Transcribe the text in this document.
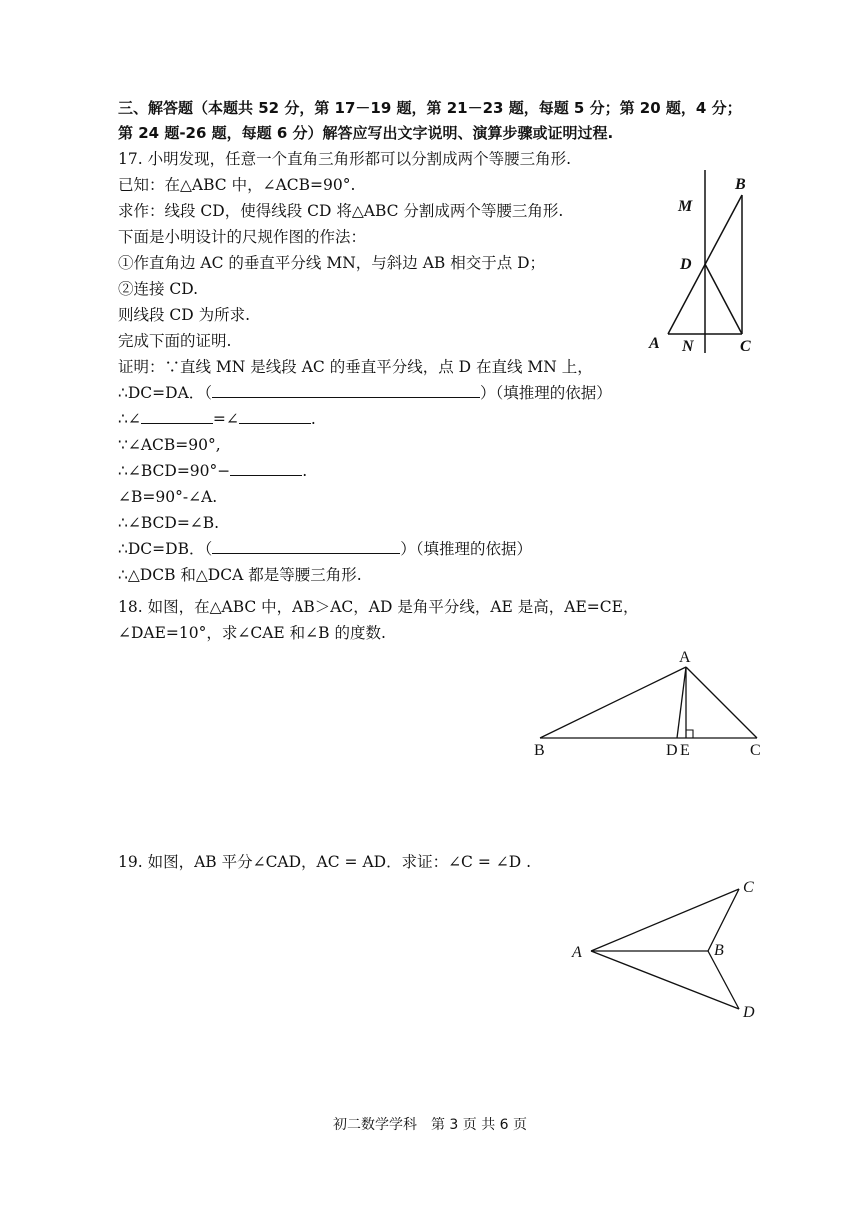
三、解答题（本题共 52 分，第 17－19 题，第 21－23 题，每题 5 分；第 20 题，4 分；
第 24 题-26 题，每题 6 分）解答应写出文字说明、演算步骤或证明过程.
17. 小明发现，任意一个直角三角形都可以分割成两个等腰三角形.
已知：在△ABC 中，∠ACB=90°.
求作：线段 CD，使得线段 CD 将△ABC 分割成两个等腰三角形.
下面是小明设计的尺规作图的作法：
①作直角边 AC 的垂直平分线 MN，与斜边 AB 相交于点 D；
②连接 CD.
则线段 CD 为所求.
完成下面的证明.
证明：∵直线 MN 是线段 AC 的垂直平分线，点 D 在直线 MN 上，
∴DC=DA．（	）（填推理的依据）
∴∠	=∠	.
∵∠ACB=90°,
∴∠BCD=90°−	.
∠B=90°-∠A.
∴∠BCD=∠B.
∴DC=DB．（	）（填推理的依据）
∴△DCB 和△DCA 都是等腰三角形.
B
M
D
A N	C
18. 如图，在△ABC 中，AB＞AC，AD 是角平分线，AE 是高，AE=CE，
∠DAE=10°，求∠CAE 和∠B 的度数.
A
B	D E	C
19. 如图，AB 平分∠CAD，AC = AD．求证：∠C = ∠D .
A	B
C
D
初二数学学科　第 3 页 共 6 页
